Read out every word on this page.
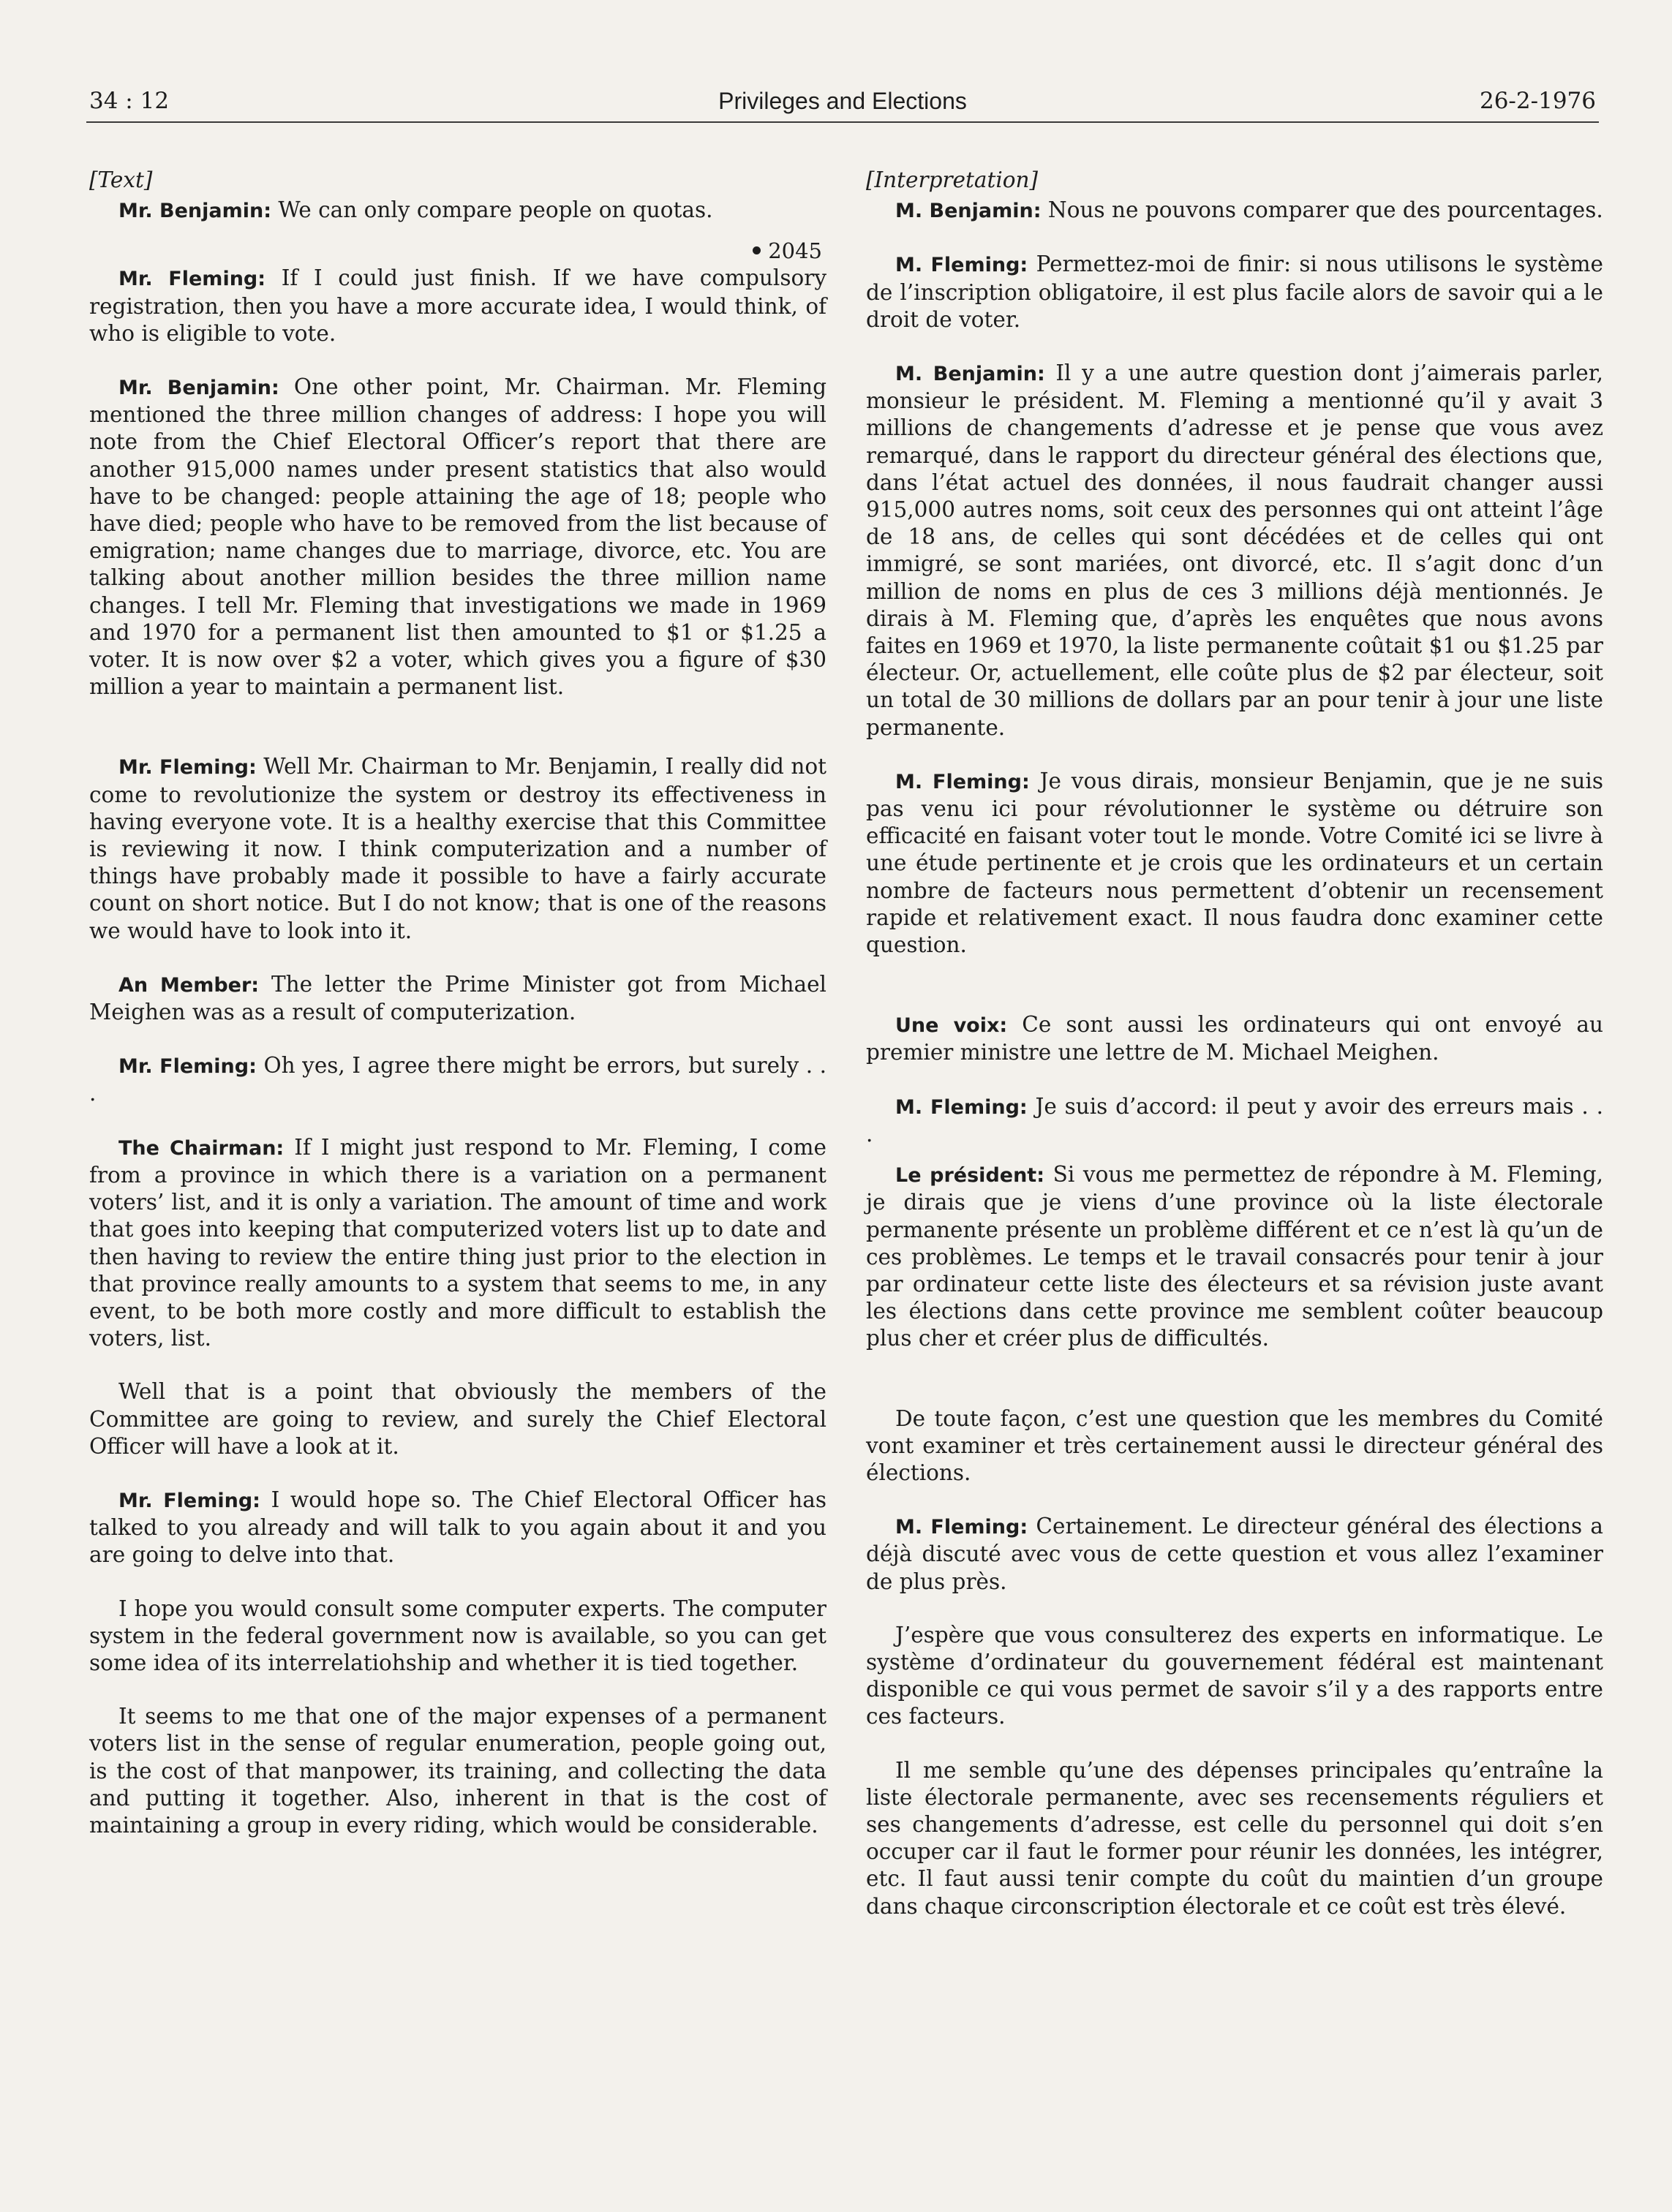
34 : 12	Privileges and Elections	26-2-1976

[Text]

Mr. Benjamin: We can only compare people on quotas.

2045

Mr. Fleming: If I could just finish. If we have compulsory registration, then you have a more accurate idea, I would think, of who is eligible to vote.

Mr. Benjamin: One other point, Mr. Chairman. Mr. Fleming mentioned the three million changes of address: I hope you will note from the Chief Electoral Officer’s report that there are another 915,000 names under present statistics that also would have to be changed: people attaining the age of 18; people who have died; people who have to be removed from the list because of emigration; name changes due to marriage, divorce, etc. You are talking about another million besides the three million name changes. I tell Mr. Fleming that investigations we made in 1969 and 1970 for a permanent list then amounted to $1 or $1.25 a voter. It is now over $2 a voter, which gives you a figure of $30 million a year to maintain a permanent list.

Mr. Fleming: Well Mr. Chairman to Mr. Benjamin, I really did not come to revolutionize the system or destroy its effectiveness in having everyone vote. It is a healthy exercise that this Committee is reviewing it now. I think computerization and a number of things have probably made it possible to have a fairly accurate count on short notice. But I do not know; that is one of the reasons we would have to look into it.

An Member: The letter the Prime Minister got from Michael Meighen was as a result of computerization.

Mr. Fleming: Oh yes, I agree there might be errors, but surely . . .

The Chairman: If I might just respond to Mr. Fleming, I come from a province in which there is a variation on a permanent voters’ list, and it is only a variation. The amount of time and work that goes into keeping that computerized voters list up to date and then having to review the entire thing just prior to the election in that province really amounts to a system that seems to me, in any event, to be both more costly and more difficult to establish the voters, list.

Well that is a point that obviously the members of the Committee are going to review, and surely the Chief Electoral Officer will have a look at it.

Mr. Fleming: I would hope so. The Chief Electoral Officer has talked to you already and will talk to you again about it and you are going to delve into that.

I hope you would consult some computer experts. The computer system in the federal government now is available, so you can get some idea of its interrelatiohship and whether it is tied together.

It seems to me that one of the major expenses of a permanent voters list in the sense of regular enumeration, people going out, is the cost of that manpower, its training, and collecting the data and putting it together. Also, inherent in that is the cost of maintaining a group in every riding, which would be considerable.

[Interpretation]

M. Benjamin: Nous ne pouvons comparer que des pourcentages.

M. Fleming: Permettez-moi de finir: si nous utilisons le système de l’inscription obligatoire, il est plus facile alors de savoir qui a le droit de voter.

M. Benjamin: Il y a une autre question dont j’aimerais parler, monsieur le président. M. Fleming a mentionné qu’il y avait 3 millions de changements d’adresse et je pense que vous avez remarqué, dans le rapport du directeur général des élections que, dans l’état actuel des données, il nous faudrait changer aussi 915,000 autres noms, soit ceux des personnes qui ont atteint l’âge de 18 ans, de celles qui sont décédées et de celles qui ont immigré, se sont mariées, ont divorcé, etc. Il s’agit donc d’un million de noms en plus de ces 3 millions déjà mentionnés. Je dirais à M. Fleming que, d’après les enquêtes que nous avons faites en 1969 et 1970, la liste permanente coûtait $1 ou $1.25 par électeur. Or, actuellement, elle coûte plus de $2 par électeur, soit un total de 30 millions de dollars par an pour tenir à jour une liste permanente.

M. Fleming: Je vous dirais, monsieur Benjamin, que je ne suis pas venu ici pour révolutionner le système ou détruire son efficacité en faisant voter tout le monde. Votre Comité ici se livre à une étude pertinente et je crois que les ordinateurs et un certain nombre de facteurs nous permettent d’obtenir un recensement rapide et relativement exact. Il nous faudra donc examiner cette question.

Une voix: Ce sont aussi les ordinateurs qui ont envoyé au premier ministre une lettre de M. Michael Meighen.

M. Fleming: Je suis d’accord: il peut y avoir des erreurs mais . . .

Le président: Si vous me permettez de répondre à M. Fleming, je dirais que je viens d’une province où la liste électorale permanente présente un problème différent et ce n’est là qu’un de ces problèmes. Le temps et le travail consacrés pour tenir à jour par ordinateur cette liste des électeurs et sa révision juste avant les élections dans cette province me semblent coûter beaucoup plus cher et créer plus de difficultés.

De toute façon, c’est une question que les membres du Comité vont examiner et très certainement aussi le directeur général des élections.

M. Fleming: Certainement. Le directeur général des élections a déjà discuté avec vous de cette question et vous allez l’examiner de plus près.

J’espère que vous consulterez des experts en informatique. Le système d’ordinateur du gouvernement fédéral est maintenant disponible ce qui vous permet de savoir s’il y a des rapports entre ces facteurs.

Il me semble qu’une des dépenses principales qu’entraîne la liste électorale permanente, avec ses recensements réguliers et ses changements d’adresse, est celle du personnel qui doit s’en occuper car il faut le former pour réunir les données, les intégrer, etc. Il faut aussi tenir compte du coût du maintien d’un groupe dans chaque circonscription électorale et ce coût est très élevé.
